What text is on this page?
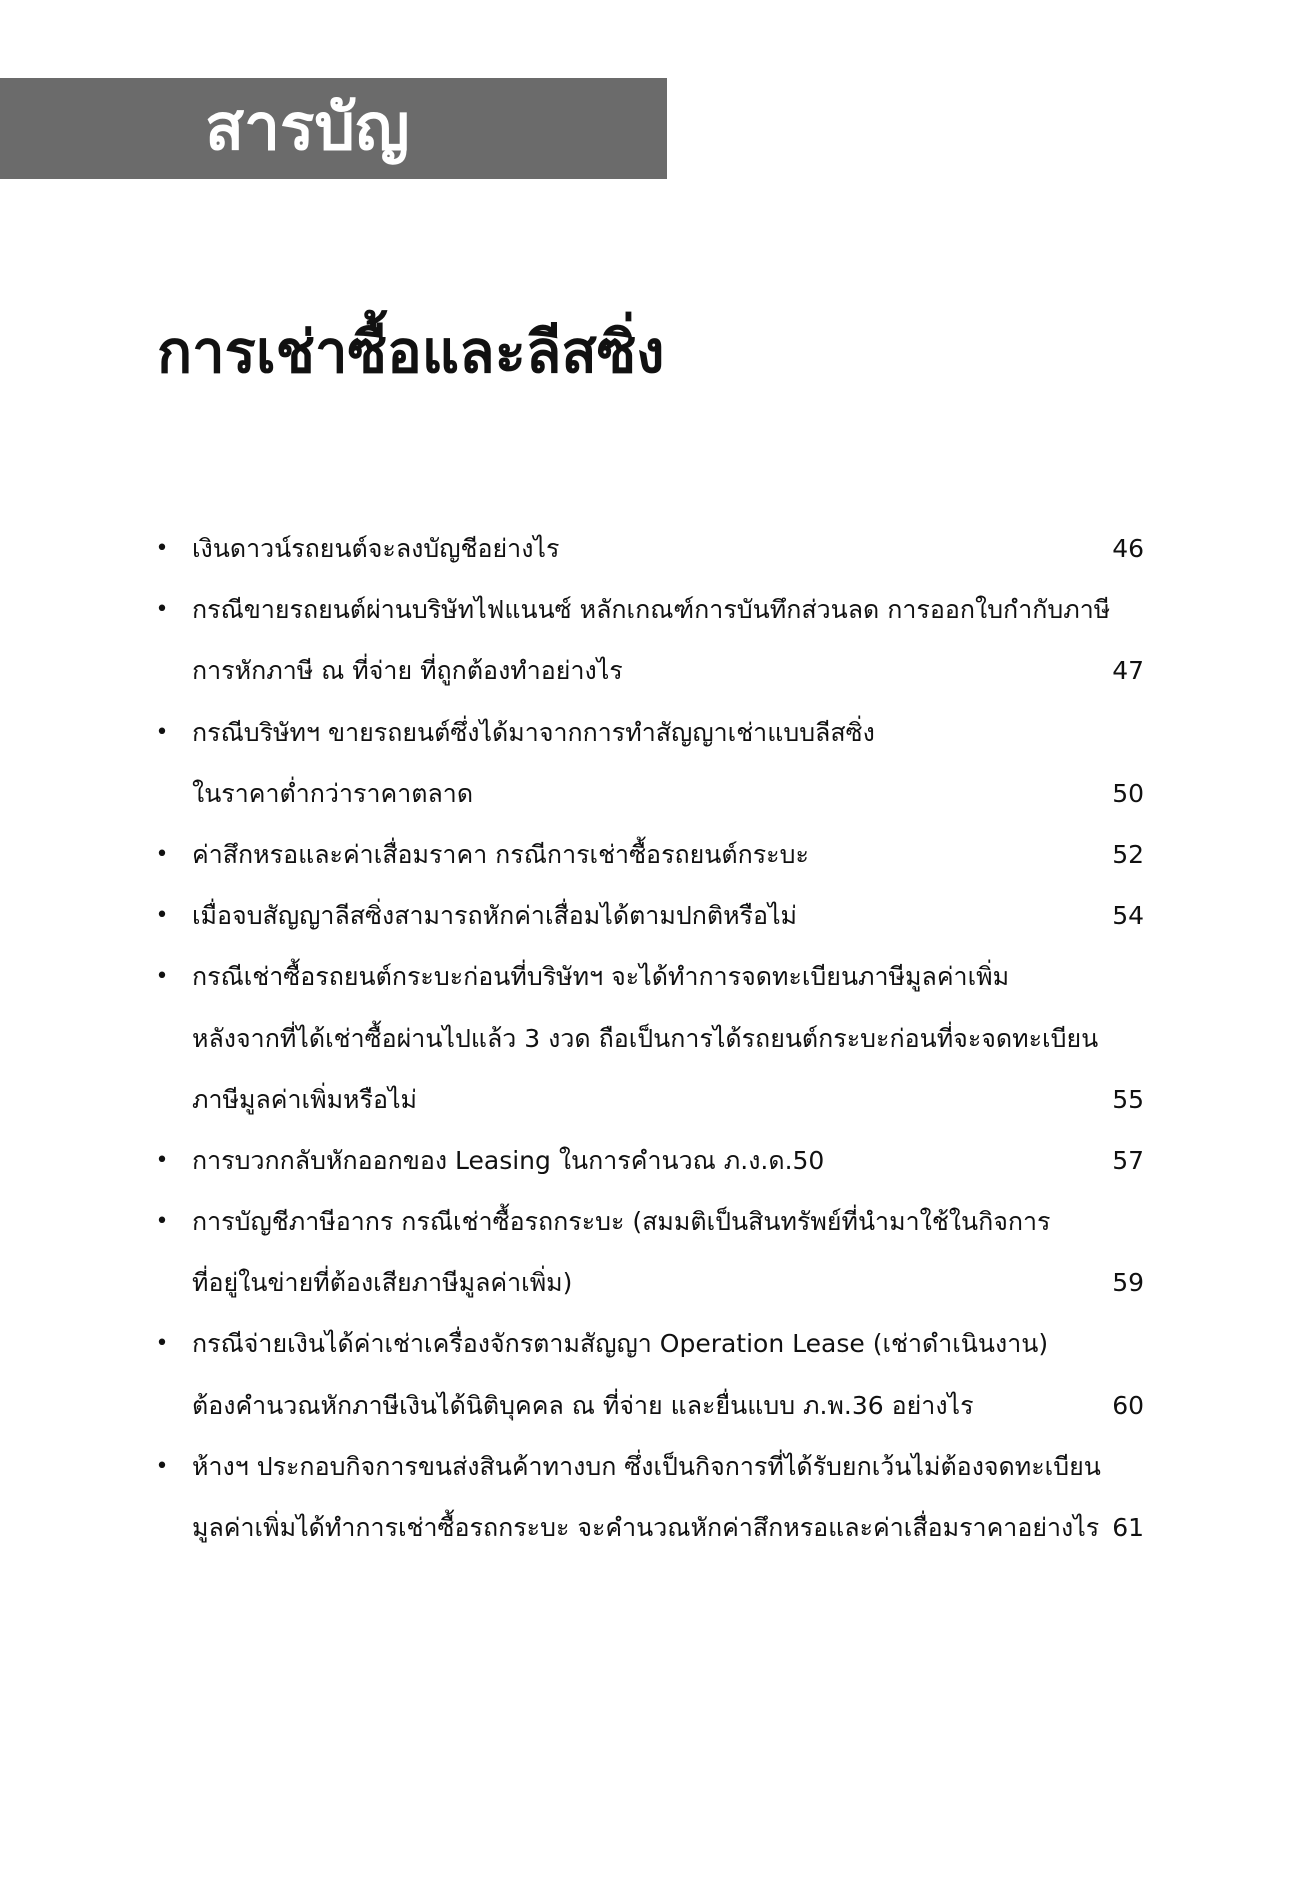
สารบัญ
การเช่าซื้อและลีสซิ่ง
• เงินดาวน์รถยนต์จะลงบัญชีอย่างไร	46
• กรณีขายรถยนต์ผ่านบริษัทไฟแนนซ์ หลักเกณฑ์การบันทึกส่วนลด การออกใบกำกับภาษี
การหักภาษี ณ ที่จ่าย ที่ถูกต้องทำอย่างไร	47
• กรณีบริษัทฯ ขายรถยนต์ซึ่งได้มาจากการทำสัญญาเช่าแบบลีสซิ่ง
ในราคาต่ำกว่าราคาตลาด	50
• ค่าสึกหรอและค่าเสื่อมราคา กรณีการเช่าซื้อรถยนต์กระบะ	52
• เมื่อจบสัญญาลีสซิ่งสามารถหักค่าเสื่อมได้ตามปกติหรือไม่	54
• กรณีเช่าซื้อรถยนต์กระบะก่อนที่บริษัทฯ จะได้ทำการจดทะเบียนภาษีมูลค่าเพิ่ม
หลังจากที่ได้เช่าซื้อผ่านไปแล้ว 3 งวด ถือเป็นการได้รถยนต์กระบะก่อนที่จะจดทะเบียน
ภาษีมูลค่าเพิ่มหรือไม่	55
• การบวกกลับหักออกของ Leasing ในการคำนวณ ภ.ง.ด.50	57
• การบัญชีภาษีอากร กรณีเช่าซื้อรถกระบะ (สมมติเป็นสินทรัพย์ที่นำมาใช้ในกิจการ
ที่อยู่ในข่ายที่ต้องเสียภาษีมูลค่าเพิ่ม)	59
• กรณีจ่ายเงินได้ค่าเช่าเครื่องจักรตามสัญญา Operation Lease (เช่าดำเนินงาน)
ต้องคำนวณหักภาษีเงินได้นิติบุคคล ณ ที่จ่าย และยื่นแบบ ภ.พ.36 อย่างไร	60
• ห้างฯ ประกอบกิจการขนส่งสินค้าทางบก ซึ่งเป็นกิจการที่ได้รับยกเว้นไม่ต้องจดทะเบียน
มูลค่าเพิ่มได้ทำการเช่าซื้อรถกระบะ จะคำนวณหักค่าสึกหรอและค่าเสื่อมราคาอย่างไร 61
